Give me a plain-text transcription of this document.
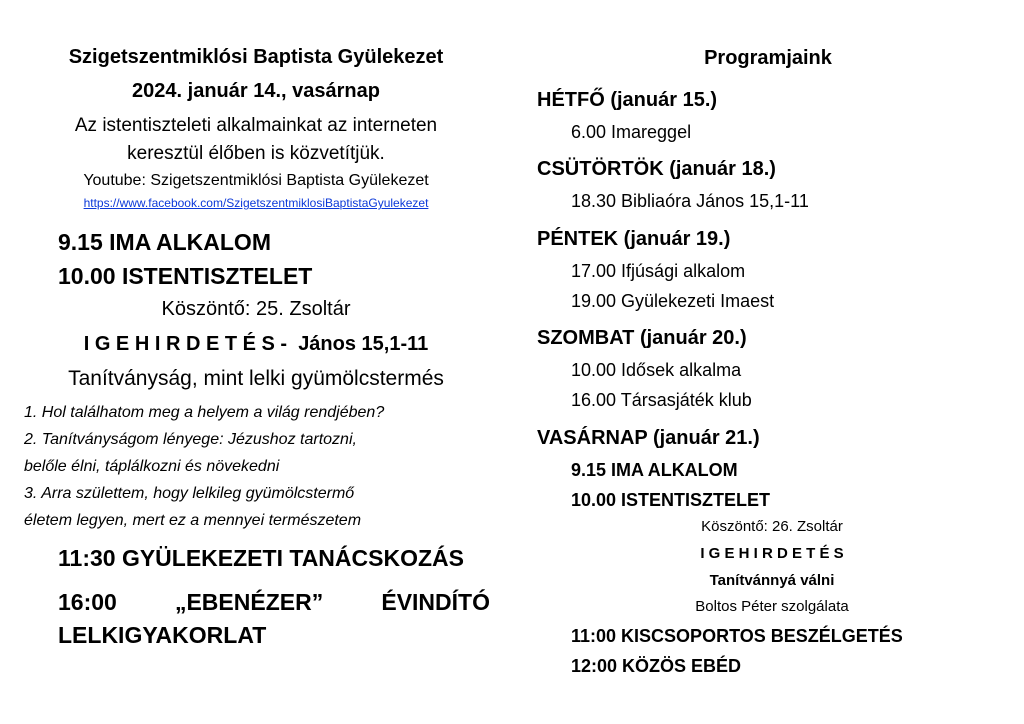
Szigetszentmiklósi Baptista Gyülekezet
2024. január 14., vasárnap
Az istentiszteleti alkalmainkat az interneten
keresztül élőben is közvetítjük.
Youtube: Szigetszentmiklósi Baptista Gyülekezet
https://www.facebook.com/SzigetszentmiklosiBaptistaGyulekezet
9.15 IMA ALKALOM
10.00 ISTENTISZTELET
Köszöntő: 25. Zsoltár
I G E H I R D E T É S - János 15,1-11
Tanítványság, mint lelki gyümölcstermés
1. Hol találhatom meg a helyem a világ rendjében?
2. Tanítványságom lényege: Jézushoz tartozni,
belőle élni, táplálkozni és növekedni
3. Arra születtem, hogy lelkileg gyümölcstermő
életem legyen, mert ez a mennyei természetem
11:30 GYÜLEKEZETI TANÁCSKOZÁS
16:00	„EBENÉZER”	ÉVINDÍTÓ
LELKIGYAKORLAT
Programjaink
HÉTFŐ (január 15.)
6.00 Imareggel
CSÜTÖRTÖK (január 18.)
18.30 Bibliaóra János 15,1-11
PÉNTEK (január 19.)
17.00 Ifjúsági alkalom
19.00 Gyülekezeti Imaest
SZOMBAT (január 20.)
10.00 Idősek alkalma
16.00 Társasjáték klub
VASÁRNAP (január 21.)
9.15 IMA ALKALOM
10.00 ISTENTISZTELET
Köszöntő: 26. Zsoltár
I G E H I R D E T É S
Tanítvánnyá válni
Boltos Péter szolgálata
11:00 KISCSOPORTOS BESZÉLGETÉS
12:00 KÖZÖS EBÉD
